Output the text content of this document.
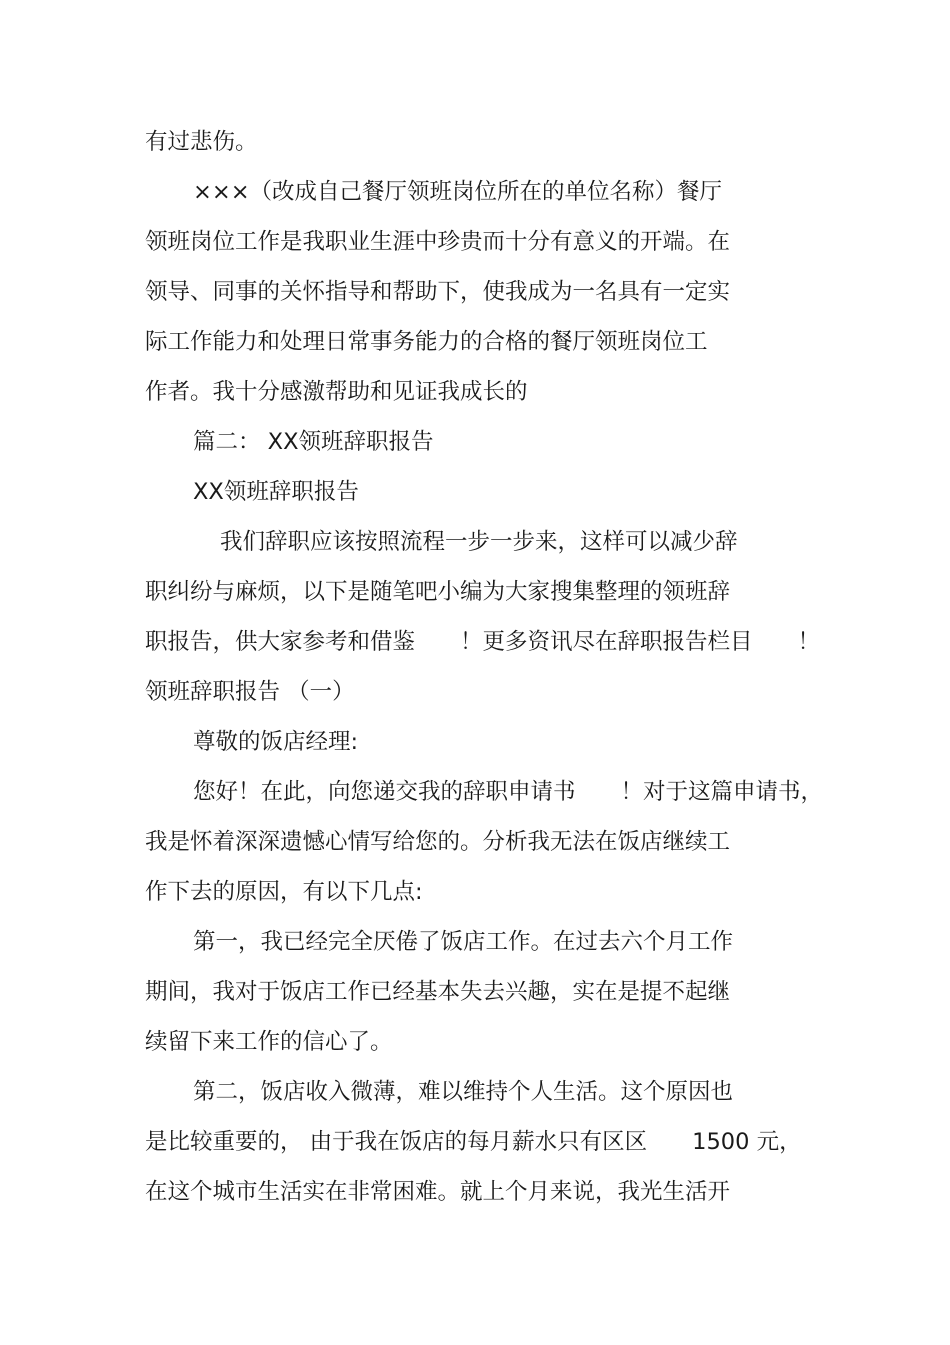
有过悲伤。
×××（改成自己餐厅领班岗位所在的单位名称）餐厅
领班岗位工作是我职业生涯中珍贵而十分有意义的开端。在
领导、同事的关怀指导和帮助下，使我成为一名具有一定实
际工作能力和处理日常事务能力的合格的餐厅领班岗位工
作者。我十分感激帮助和见证我成长的
篇二： XX领班辞职报告
XX领班辞职报告
我们辞职应该按照流程一步一步来，这样可以减少辞
职纠纷与麻烦，以下是随笔吧小编为大家搜集整理的领班辞
职报告，供大家参考和借鉴　　！更多资讯尽在辞职报告栏目　　！
领班辞职报告 （一）
尊敬的饭店经理:
您好！在此，向您递交我的辞职申请书　　！对于这篇申请书，
我是怀着深深遗憾心情写给您的。分析我无法在饭店继续工
作下去的原因，有以下几点:
第一，我已经完全厌倦了饭店工作。在过去六个月工作
期间，我对于饭店工作已经基本失去兴趣，实在是提不起继
续留下来工作的信心了。
第二，饭店收入微薄，难以维持个人生活。这个原因也
是比较重要的， 由于我在饭店的每月薪水只有区区　　1500 元，
在这个城市生活实在非常困难。就上个月来说，我光生活开
